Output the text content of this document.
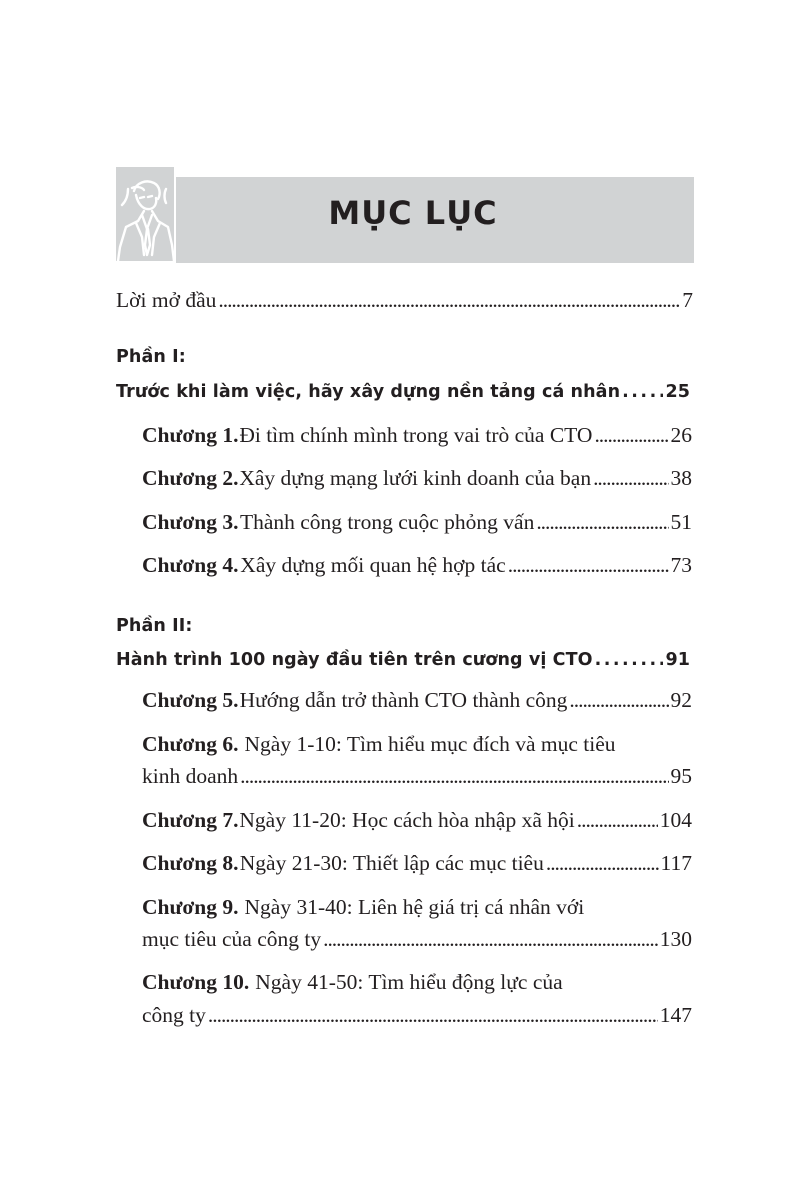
MỤC LỤC
Lời mở đầu . . .	7
Phần I:
Trước khi làm việc, hãy xây dựng nền tảng cá nhân . . .	25
Chương 1. Đi tìm chính mình trong vai trò của CTO . . .	26
Chương 2. Xây dựng mạng lưới kinh doanh của bạn . . .	38
Chương 3. Thành công trong cuộc phỏng vấn . . .	51
Chương 4. Xây dựng mối quan hệ hợp tác . . .	73
Phần II:
Hành trình 100 ngày đầu tiên trên cương vị CTO . . .	91
Chương 5. Hướng dẫn trở thành CTO thành công . . .	92
Chương 6. Ngày 1-10: Tìm hiểu mục đích và mục tiêu
kinh doanh . . .	95
Chương 7. Ngày 11-20: Học cách hòa nhập xã hội . . .	104
Chương 8. Ngày 21-30: Thiết lập các mục tiêu . . .	117
Chương 9. Ngày 31-40: Liên hệ giá trị cá nhân với
mục tiêu của công ty . . .	130
Chương 10. Ngày 41-50: Tìm hiểu động lực của
công ty . . .	147
